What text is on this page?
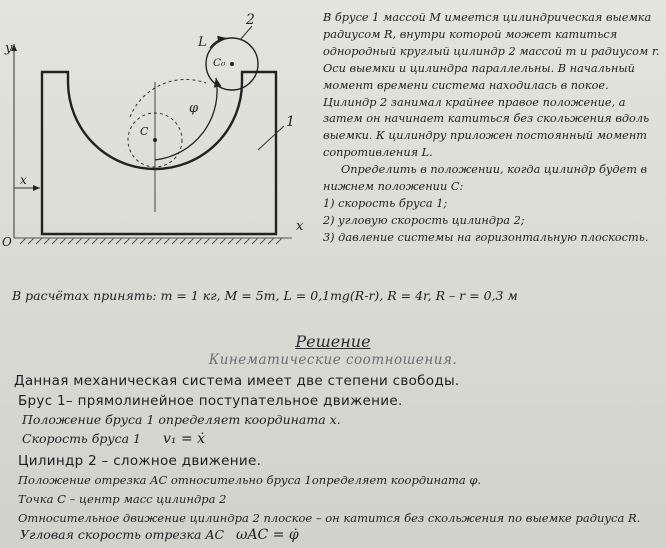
y
O
x
x
1
C
φ
C₀
2
L

В брусе 1 массой М имеется цилиндрическая выемка радиусом R, внутри которой может катиться однородный круглый цилиндр 2 массой m и радиусом r. Оси выемки и цилиндра параллельны. В начальный момент времени система находилась в покое. Цилиндр 2 занимал крайнее правое положение, а затем он начинает катиться без скольжения вдоль выемки. К цилиндру приложен постоянный момент сопротивления L.

Определить в положении, когда цилиндр будет в нижнем положении С:

1) скорость бруса 1;
2) угловую скорость цилиндра 2;
3) давление системы на горизонтальную плоскость.
В расчётах принять: m = 1 кг, M = 5m, L = 0,1mg(R-r), R = 4r, R – r = 0,3 м
Решение
Кинематические соотношения.
Данная механическая система имеет две степени свободы.
Брус 1– прямолинейное поступательное движение.
Положение бруса 1 определяет координата x.
Скорость бруса 1 v₁ = ẋ
Цилиндр 2 – сложное движение.
Положение отрезка AC относительно бруса 1определяет координата φ.
Точка C – центр масс цилиндра 2
Относительное движение цилиндра 2 плоское – он катится без скольжения по выемке радиуса R.
Угловая скорость отрезка AC ωAC = φ̇
